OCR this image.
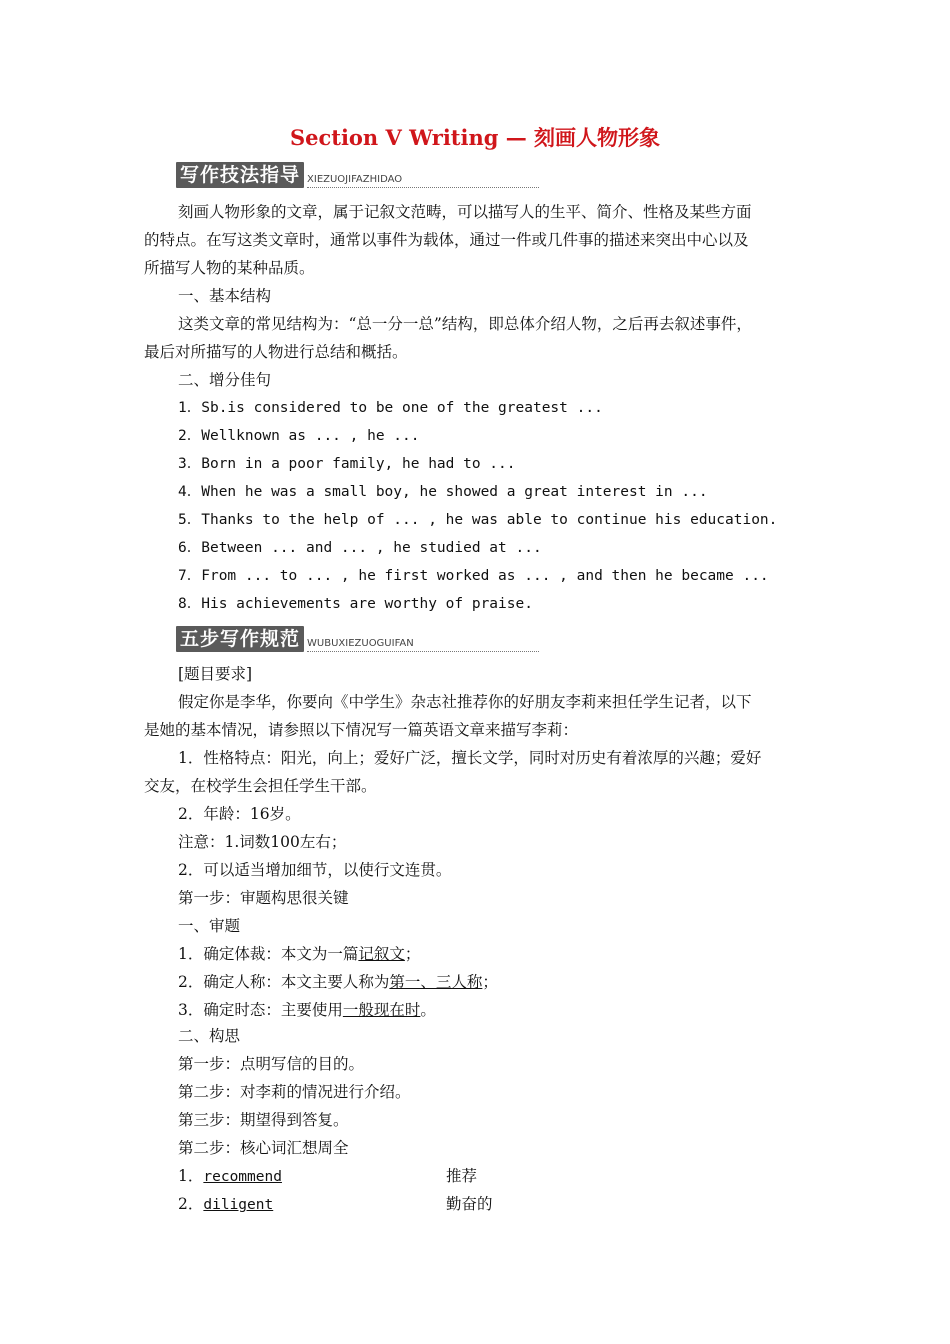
Section Ⅴ Writing — 刻画人物形象
写作技法指导 XIEZUOJIFAZHIDAO
刻画人物形象的文章，属于记叙文范畴，可以描写人的生平、简介、性格及某些方面
的特点。在写这类文章时，通常以事件为载体，通过一件或几件事的描述来突出中心以及
所描写人物的某种品质。
一、基本结构
这类文章的常见结构为：“总一分一总”结构，即总体介绍人物，之后再去叙述事件，
最后对所描写的人物进行总结和概括。
二、增分佳句
1．Sb.is considered to be one of the greatest ...
2．Wellknown as ... , he ...
3．Born in a poor family, he had to ...
4．When he was a small boy, he showed a great interest in ...
5．Thanks to the help of ... , he was able to continue his education.
6．Between ... and ... , he studied at ...
7．From ... to ... , he first worked as ... , and then he became ...
8．His achievements are worthy of praise.
五步写作规范 WUBUXIEZUOGUIFAN
[题目要求]
假定你是李华，你要向《中学生》杂志社推荐你的好朋友李莉来担任学生记者，以下
是她的基本情况，请参照以下情况写一篇英语文章来描写李莉：
1．性格特点：阳光，向上；爱好广泛，擅长文学，同时对历史有着浓厚的兴趣；爱好
交友，在校学生会担任学生干部。
2．年龄：16岁。
注意：1.词数100左右；
2．可以适当增加细节，以使行文连贯。
第一步：审题构思很关键
一、审题
1．确定体裁：本文为一篇记叙文；
2．确定人称：本文主要人称为第一、三人称；
3．确定时态：主要使用一般现在时。
二、构思
第一步：点明写信的目的。
第二步：对李莉的情况进行介绍。
第三步：期望得到答复。
第二步：核心词汇想周全
1．recommend	推荐
2．diligent	勤奋的
